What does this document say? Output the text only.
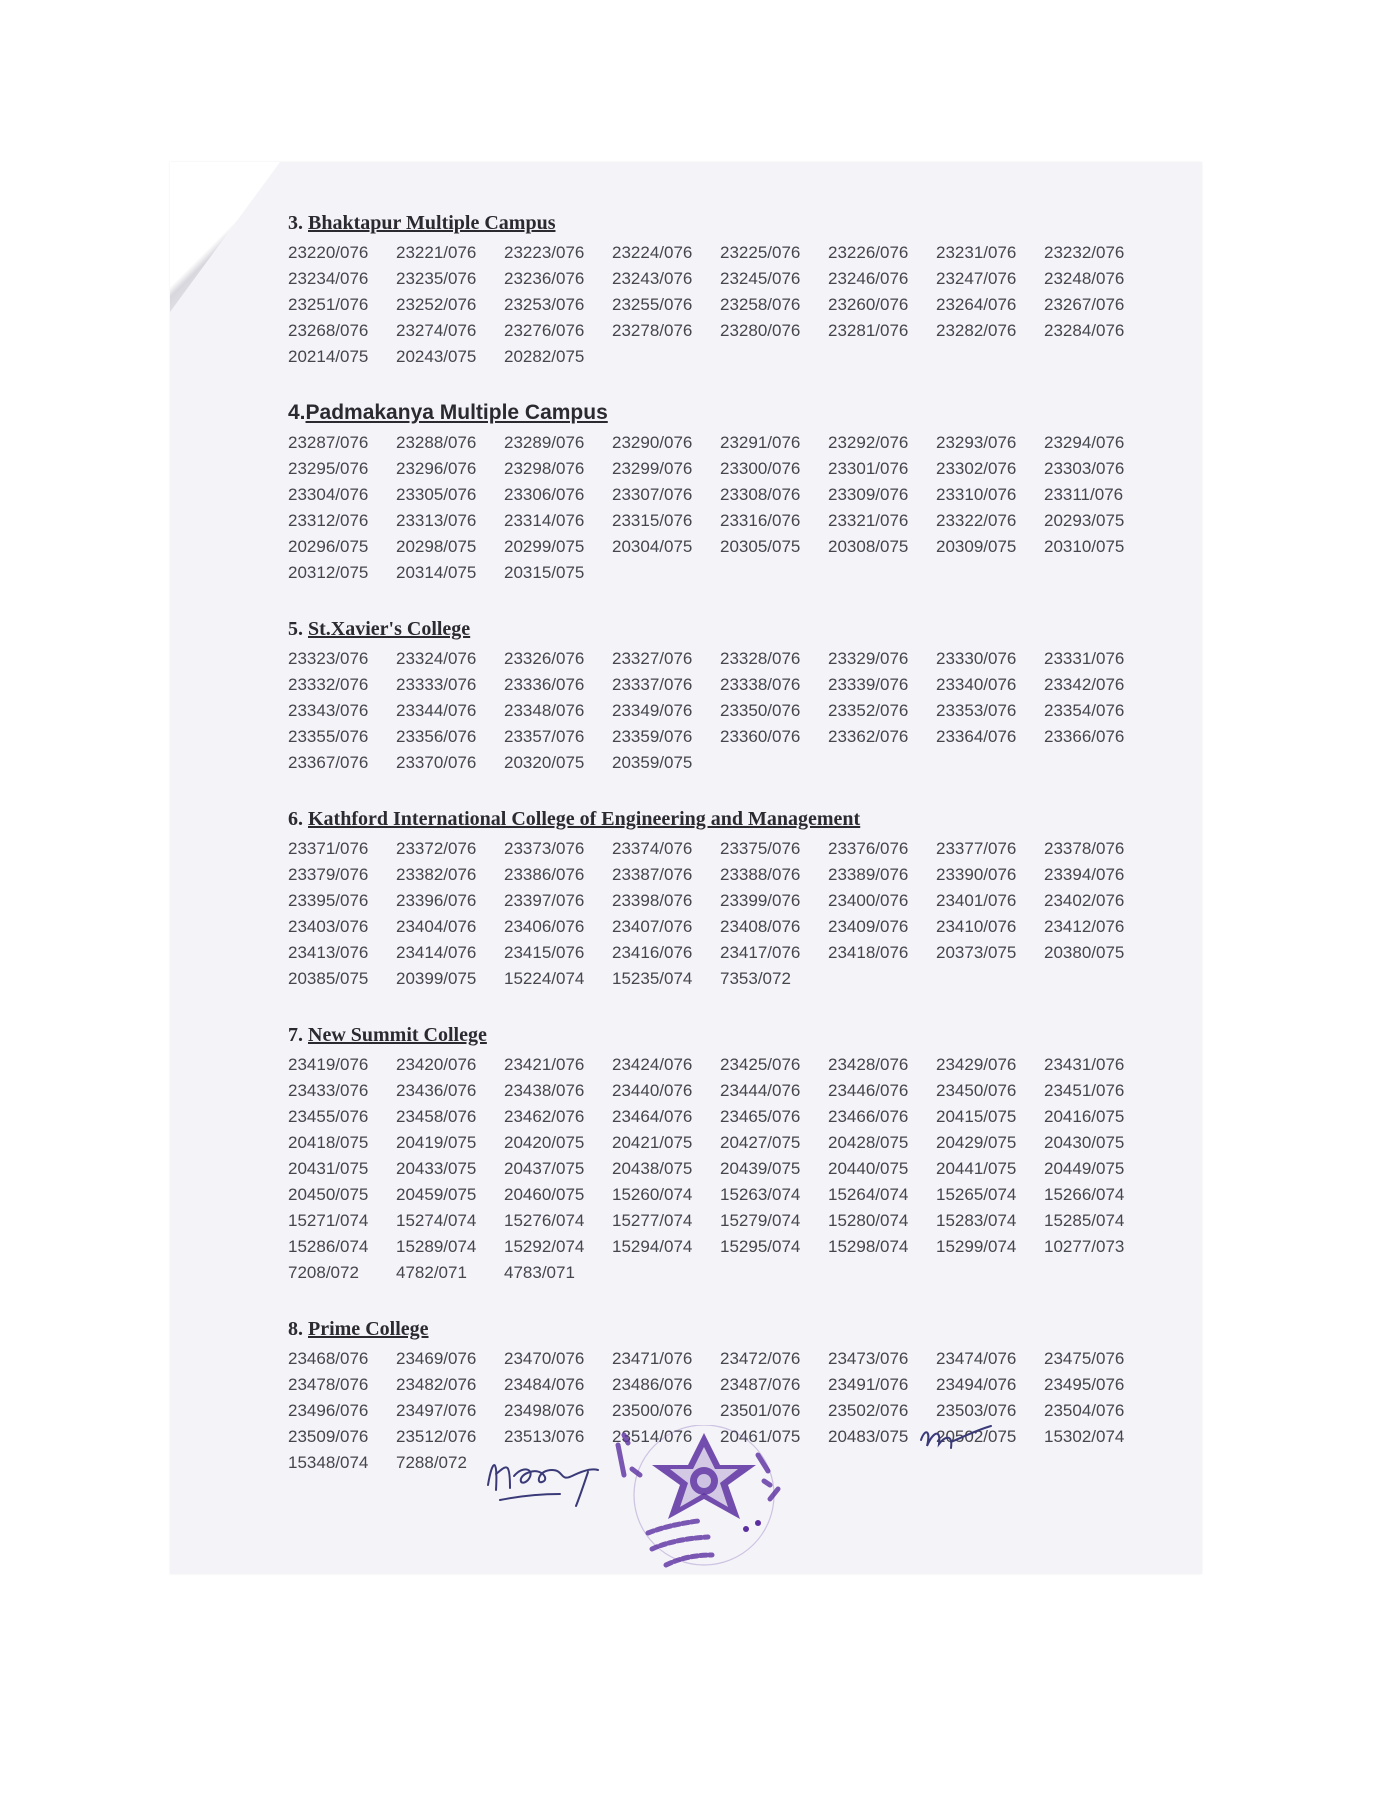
3. Bhaktapur Multiple Campus
23220/076	23221/076	23223/076	23224/076	23225/076	23226/076	23231/076	23232/076
23234/076	23235/076	23236/076	23243/076	23245/076	23246/076	23247/076	23248/076
23251/076	23252/076	23253/076	23255/076	23258/076	23260/076	23264/076	23267/076
23268/076	23274/076	23276/076	23278/076	23280/076	23281/076	23282/076	23284/076
20214/075	20243/075	20282/075
4.Padmakanya Multiple Campus
23287/076	23288/076	23289/076	23290/076	23291/076	23292/076	23293/076	23294/076
23295/076	23296/076	23298/076	23299/076	23300/076	23301/076	23302/076	23303/076
23304/076	23305/076	23306/076	23307/076	23308/076	23309/076	23310/076	23311/076
23312/076	23313/076	23314/076	23315/076	23316/076	23321/076	23322/076	20293/075
20296/075	20298/075	20299/075	20304/075	20305/075	20308/075	20309/075	20310/075
20312/075	20314/075	20315/075
5. St.Xavier's College
23323/076	23324/076	23326/076	23327/076	23328/076	23329/076	23330/076	23331/076
23332/076	23333/076	23336/076	23337/076	23338/076	23339/076	23340/076	23342/076
23343/076	23344/076	23348/076	23349/076	23350/076	23352/076	23353/076	23354/076
23355/076	23356/076	23357/076	23359/076	23360/076	23362/076	23364/076	23366/076
23367/076	23370/076	20320/075	20359/075
6. Kathford International College of Engineering and Management
23371/076	23372/076	23373/076	23374/076	23375/076	23376/076	23377/076	23378/076
23379/076	23382/076	23386/076	23387/076	23388/076	23389/076	23390/076	23394/076
23395/076	23396/076	23397/076	23398/076	23399/076	23400/076	23401/076	23402/076
23403/076	23404/076	23406/076	23407/076	23408/076	23409/076	23410/076	23412/076
23413/076	23414/076	23415/076	23416/076	23417/076	23418/076	20373/075	20380/075
20385/075	20399/075	15224/074	15235/074	7353/072
7. New Summit College
23419/076	23420/076	23421/076	23424/076	23425/076	23428/076	23429/076	23431/076
23433/076	23436/076	23438/076	23440/076	23444/076	23446/076	23450/076	23451/076
23455/076	23458/076	23462/076	23464/076	23465/076	23466/076	20415/075	20416/075
20418/075	20419/075	20420/075	20421/075	20427/075	20428/075	20429/075	20430/075
20431/075	20433/075	20437/075	20438/075	20439/075	20440/075	20441/075	20449/075
20450/075	20459/075	20460/075	15260/074	15263/074	15264/074	15265/074	15266/074
15271/074	15274/074	15276/074	15277/074	15279/074	15280/074	15283/074	15285/074
15286/074	15289/074	15292/074	15294/074	15295/074	15298/074	15299/074	10277/073
7208/072	4782/071	4783/071
8. Prime College
23468/076	23469/076	23470/076	23471/076	23472/076	23473/076	23474/076	23475/076
23478/076	23482/076	23484/076	23486/076	23487/076	23491/076	23494/076	23495/076
23496/076	23497/076	23498/076	23500/076	23501/076	23502/076	23503/076	23504/076
23509/076	23512/076	23513/076	23514/076	20461/075	20483/075	20502/075	15302/074
15348/074	7288/072
